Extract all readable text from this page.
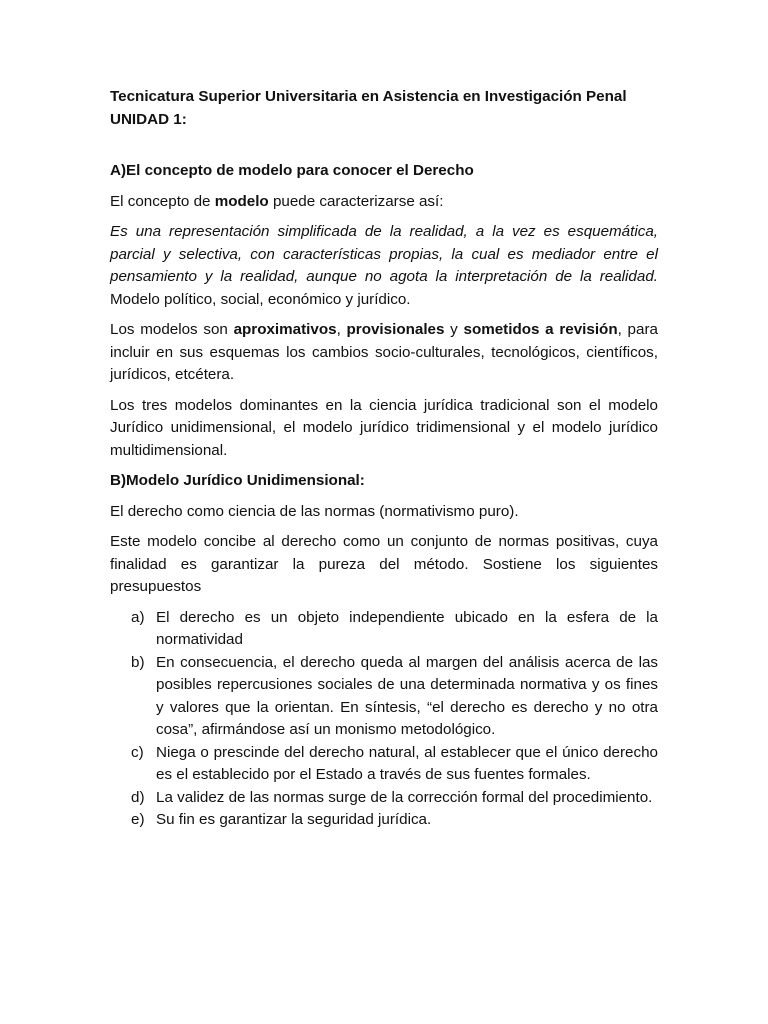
Tecnicatura Superior Universitaria en Asistencia en Investigación Penal

UNIDAD 1:

A)El concepto de modelo para conocer el Derecho

El concepto de modelo puede caracterizarse así:

Es una representación simplificada de la realidad, a la vez es esquemática, parcial y selectiva, con características propias, la cual es mediador entre el pensamiento y la realidad, aunque no agota la interpretación de la realidad. Modelo político, social, económico y jurídico.

Los modelos son aproximativos, provisionales y sometidos a revisión, para incluir en sus esquemas los cambios socio-culturales, tecnológicos, científicos, jurídicos, etcétera.

Los tres modelos dominantes en la ciencia jurídica tradicional son el modelo Jurídico unidimensional, el modelo jurídico tridimensional y el modelo jurídico multidimensional.

B)Modelo Jurídico Unidimensional:

El derecho como ciencia de las normas (normativismo puro).

Este modelo concibe al derecho como un conjunto de normas positivas, cuya finalidad es garantizar la pureza del método. Sostiene los siguientes presupuestos

a) El derecho es un objeto independiente ubicado en la esfera de la normatividad
b) En consecuencia, el derecho queda al margen del análisis acerca de las posibles repercusiones sociales de una determinada normativa y os fines y valores que la orientan. En síntesis, “el derecho es derecho y no otra cosa”, afirmándose así un monismo metodológico.
c) Niega o prescinde del derecho natural, al establecer que el único derecho es el establecido por el Estado a través de sus fuentes formales.
d) La validez de las normas surge de la corrección formal del procedimiento.
e) Su fin es garantizar la seguridad jurídica.
